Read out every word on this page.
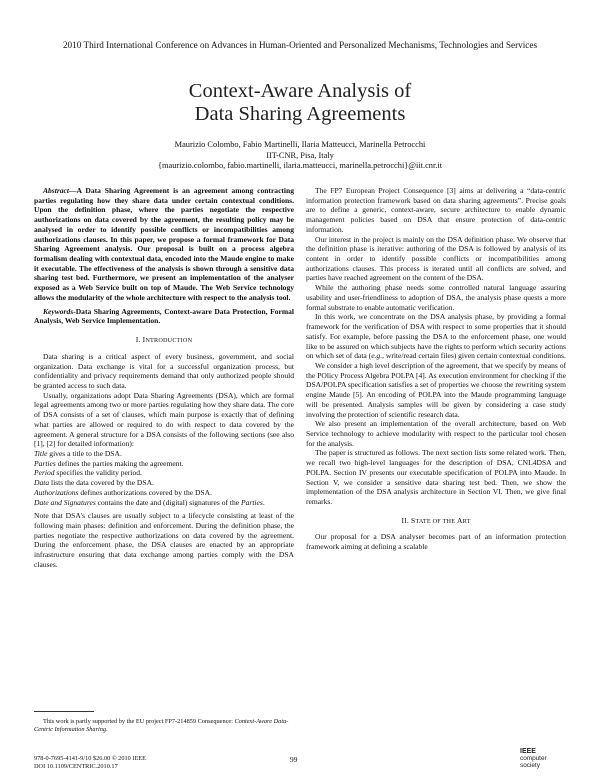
2010 Third International Conference on Advances in Human-Oriented and Personalized Mechanisms, Technologies and Services
Context-Aware Analysis of
Data Sharing Agreements
Maurizio Colombo, Fabio Martinelli, Ilaria Matteucci, Marinella Petrocchi
IIT-CNR, Pisa, Italy
{maurizio.colombo, fabio.martinelli, ilaria.matteucci, marinella.petrocchi}@iit.cnr.it

Abstract—A Data Sharing Agreement is an agreement among contracting parties regulating how they share data under certain contextual conditions. Upon the definition phase, where the parties negotiate the respective authorizations on data covered by the agreement, the resulting policy may be analysed in order to identify possible conflicts or incompatibilities among authorizations clauses. In this paper, we propose a formal framework for Data Sharing Agreement analysis. Our proposal is built on a process algebra formalism dealing with contextual data, encoded into the Maude engine to make it executable. The effectiveness of the analysis is shown through a sensitive data sharing test bed. Furthermore, we present an implementation of the analyser exposed as a Web Service built on top of Maude. The Web Service technology allows the modularity of the whole architecture with respect to the analysis tool.

Keywords-Data Sharing Agreements, Context-aware Data Protection, Formal Analysis, Web Service Implementation.

I. INTRODUCTION

Data sharing is a critical aspect of every business, government, and social organization. Data exchange is vital for a successful organization process, but confidentiality and privacy requirements demand that only authorized people should be granted access to such data.

Usually, organizations adopt Data Sharing Agreements (DSA), which are formal legal agreements among two or more parties regulating how they share data. The core of DSA consists of a set of clauses, which main purpose is exactly that of defining what parties are allowed or required to do with respect to data covered by the agreement. A general structure for a DSA consists of the following sections (see also [1], [2] for detailed information):

Title gives a title to the DSA.

Parties defines the parties making the agreement.

Period specifies the validity period.

Data lists the data covered by the DSA.

Authorizations defines authorizations covered by the DSA.

Date and Signatures contains the date and (digital) signatures of the Parties.

Note that DSA's clauses are usually subject to a lifecycle consisting at least of the following main phases: definition and enforcement. During the definition phase, the parties negotiate the respective authorizations on data covered by the agreement. During the enforcement phase, the DSA clauses are enacted by an appropriate infrastructure ensuring that data exchange among parties comply with the DSA clauses.

This work is partly supported by the EU project FP7-214859 Consequence: Context-Aware Data-Centric Information Sharing.

The FP7 European Project Consequence [3] aims at delivering a “data-centric information protection framework based on data sharing agreements”. Precise goals are to define a generic, context-aware, secure architecture to enable dynamic management policies based on DSA that ensure protection of data-centric information.

Our interest in the project is mainly on the DSA definition phase. We observe that the definition phase is iterative: authoring of the DSA is followed by analysis of its content in order to identify possible conflicts or incompatibilities among authorizations clauses. This process is iterated until all conflicts are solved, and parties have reached agreement on the content of the DSA.

While the authoring phase needs some controlled natural language assuring usability and user-friendliness to adoption of DSA, the analysis phase quests a more formal substrate to enable automatic verification.

In this work, we concentrate on the DSA analysis phase, by providing a formal framework for the verification of DSA with respect to some properties that it should satisfy. For example, before passing the DSA to the enforcement phase, one would like to be assured on which subjects have the rights to perform which security actions on which set of data (e.g., write/read certain files) given certain contextual conditions.

We consider a high level description of the agreement, that we specify by means of the POlicy Process Algebra POLPA [4]. As execution environment for checking if the DSA/POLPA specification satisfies a set of properties we choose the rewriting system engine Maude [5]. An encoding of POLPA into the Maude programming language will be presented. Analysis samples will be given by considering a case study involving the protection of scientific research data.

We also present an implementation of the overall architecture, based on Web Service technology to achieve modularity with respect to the particular tool chosen for the analysis.

The paper is structured as follows. The next section lists some related work. Then, we recall two high-level languages for the description of DSA, CNL4DSA and POLPA. Section IV presents our executable specification of POLPA into Maude. In Section V, we consider a sensitive data sharing test bed. Then, we show the implementation of the DSA analysis architecture in Section VI. Then, we give final remarks.

II. STATE OF THE ART

Our proposal for a DSA analyser becomes part of an information protection framework aiming at defining a scalable

978-0-7695-4141-9/10 $26.00 © 2010 IEEE
DOI 10.1109/CENTRIC.2010.17
99
IEEE
computer
society
